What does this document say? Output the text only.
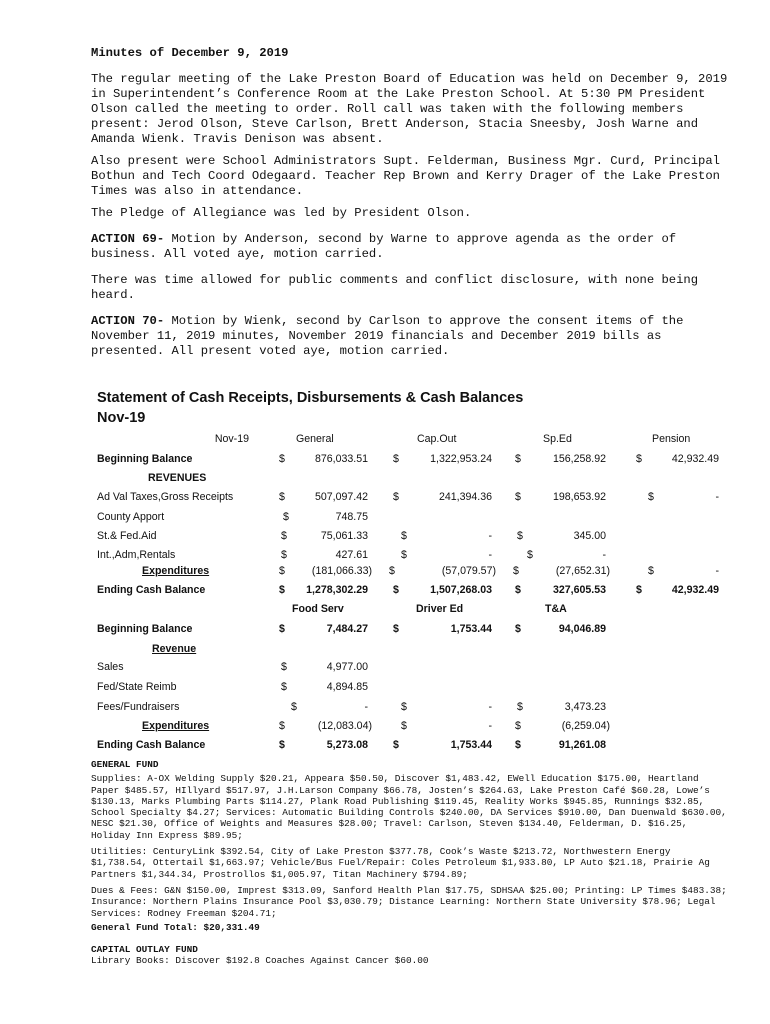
Minutes of December 9, 2019

The regular meeting of the Lake Preston Board of Education was held on December 9, 2019 in Superintendent’s Conference Room at the Lake Preston School. At 5:30 PM President Olson called the meeting to order. Roll call was taken with the following members present: Jerod Olson, Steve Carlson, Brett Anderson, Stacia Sneesby, Josh Warne and Amanda Wienk. Travis Denison was absent.

Also present were School Administrators Supt. Felderman, Business Mgr. Curd, Principal Bothun and Tech Coord Odegaard. Teacher Rep Brown and Kerry Drager of the Lake Preston Times was also in attendance.

The Pledge of Allegiance was led by President Olson.

ACTION 69- Motion by Anderson, second by Warne to approve agenda as the order of business. All voted aye, motion carried.

There was time allowed for public comments and conflict disclosure, with none being heard.

ACTION 70- Motion by Wienk, second by Carlson to approve the consent items of the November 11, 2019 minutes, November 2019 financials and December 2019 bills as presented. All present voted aye, motion carried.

Statement of Cash Receipts, Disbursements & Cash Balances
Nov-19
Nov-19	General	Cap.Out	Sp.Ed	Pension
Beginning Balance	$	876,033.51 $	1,322,953.24 $	156,258.92	$	42,932.49
REVENUES
Ad Val Taxes,Gross Receipts	$	507,097.42 $	241,394.36 $	198,653.92	$	-
County Apport	$	748.75
St.& Fed.Aid	$	75,061.33	$	- $	345.00
Int.,Adm,Rentals	$	427.61	$	-	$	-
Expenditures	$	(181,066.33) $	(57,079.57) $	(27,652.31)	$	-
Ending Cash Balance	$ 1,278,302.29 $	1,507,268.03 $	327,605.53	$	42,932.49
Food Serv	Driver Ed	T&A
Beginning Balance	$	7,484.27 $	1,753.44 $	94,046.89
Revenue
Sales	$	4,977.00
Fed/State Reimb	$	4,894.85
Fees/Fundraisers	$	-	$	- $	3,473.23
Expenditures	$	(12,083.04)	$	- $	(6,259.04)
Ending Cash Balance	$	5,273.08 $	1,753.44 $	91,261.08

GENERAL FUND

Supplies: A-OX Welding Supply $20.21, Appeara $50.50, Discover $1,483.42, EWell Education $175.00, Heartland Paper $485.57, HIllyard $517.97, J.H.Larson Company $66.78, Josten’s $264.63, Lake Preston Café $60.28, Lowe’s $130.13, Marks Plumbing Parts $114.27, Plank Road Publishing $119.45, Reality Works $945.85, Runnings $32.85, School Specialty $4.27; Services: Automatic Building Controls $240.00, DA Services $910.00, Dan Duenwald $630.00, NESC $21.30, Office of Weights and Measures $28.00; Travel: Carlson, Steven $134.40, Felderman, D. $16.25, Holiday Inn Express $89.95;

Utilities: CenturyLink $392.54, City of Lake Preston $377.78, Cook’s Waste $213.72, Northwestern Energy $1,738.54, Ottertail $1,663.97; Vehicle/Bus Fuel/Repair: Coles Petroleum $1,933.80, LP Auto $21.18, Prairie Ag Partners $1,344.34, Prostrollos $1,005.97, Titan Machinery $794.89;

Dues & Fees: G&N $150.00, Imprest $313.09, Sanford Health Plan $17.75, SDHSAA $25.00; Printing: LP Times $483.38; Insurance: Northern Plains Insurance Pool $3,030.79; Distance Learning: Northern State University $78.96; Legal Services: Rodney Freeman $204.71;

General Fund Total: $20,331.49

CAPITAL OUTLAY FUND

Library Books: Discover $192.8 Coaches Against Cancer $60.00
